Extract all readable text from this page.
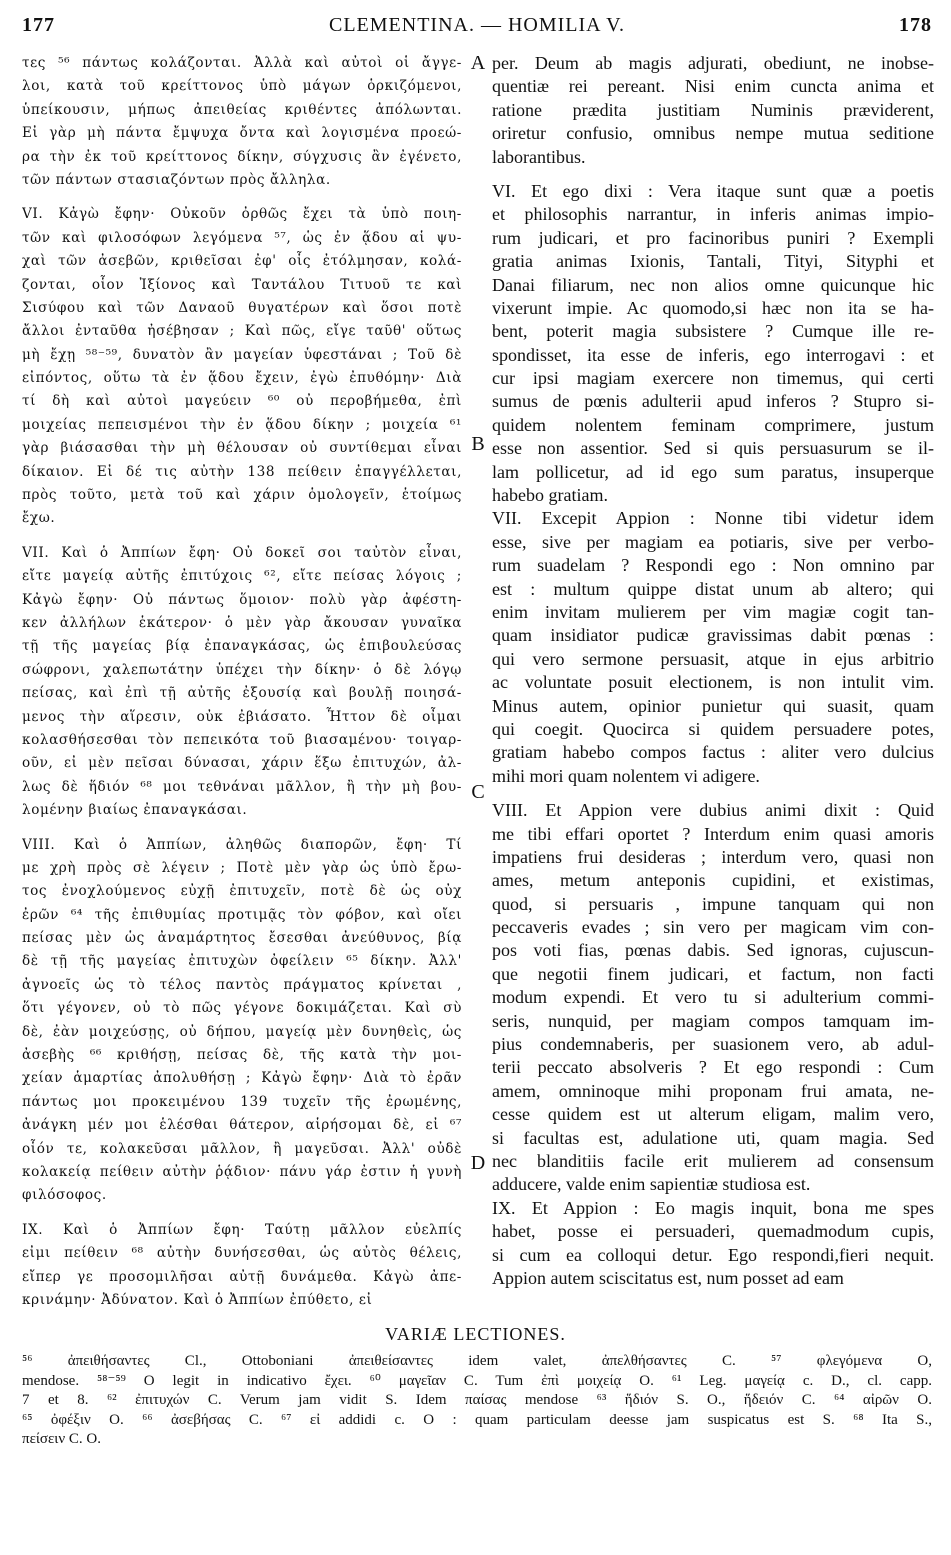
177	CLEMENTINA. — HOMILIA V.	178
τες ⁵⁶ πάντως κολάζονται. Ἀλλὰ καὶ αὐτοὶ οἱ ἄγγε-
λοι, κατὰ τοῦ κρείττονος ὑπὸ μάγων ὁρκιζόμενοι,
ὑπείκουσιν, μήπως ἀπειθείας κριθέντες ἀπόλωνται.
Εἰ γὰρ μὴ πάντα ἔμψυχα ὄντα καὶ λογισμένα προεώ-
ρα τὴν ἐκ τοῦ κρείττονος δίκην, σύγχυσις ἂν ἐγένετο,
τῶν πάντων στασιαζόντων πρὸς ἄλληλα.
VI. Κἀγὼ ἔφην· Οὐκοῦν ὀρθῶς ἔχει τὰ ὑπὸ ποιη-
τῶν καὶ φιλοσόφων λεγόμενα ⁵⁷, ὡς ἐν ᾅδου αἱ ψυ-
χαὶ τῶν ἀσεβῶν, κριθεῖσαι ἐφ' οἷς ἐτόλμησαν, κολά-
ζονται, οἷον Ἰξίονος καὶ Ταντάλου Τιτυοῦ τε καὶ
Σισύφου καὶ τῶν Δαναοῦ θυγατέρων καὶ ὅσοι ποτὲ
ἄλλοι ἐνταῦθα ἠσέβησαν ; Καὶ πῶς, εἴγε ταῦθ' οὕτως
μὴ ἔχῃ ⁵⁸⁻⁵⁹, δυνατὸν ἂν μαγείαν ὑφεστάναι ; Τοῦ δὲ
εἰπόντος, οὕτω τὰ ἐν ᾅδου ἔχειν, ἐγὼ ἐπυθόμην· Διὰ
τί δὴ καὶ αὐτοὶ μαγεύειν ⁶⁰ οὐ περοβήμεθα, ἐπὶ
μοιχείας πεπεισμένοι τὴν ἐν ᾅδου δίκην ; μοιχεία ⁶¹
γὰρ βιάσασθαι τὴν μὴ θέλουσαν οὐ συντίθεμαι εἶναι
δίκαιον. Εἰ δέ τις αὐτὴν 138 πείθειν ἐπαγγέλλεται,
πρὸς τοῦτο, μετὰ τοῦ καὶ χάριν ὁμολογεῖν, ἑτοίμως
ἔχω.
VII. Καὶ ὁ Ἀππίων ἔφη· Οὐ δοκεῖ σοι ταὐτὸν εἶναι,
εἴτε μαγείᾳ αὐτῆς ἐπιτύχοις ⁶², εἴτε πείσας λόγοις ;
Κἀγὼ ἔφην· Οὐ πάντως ὅμοιον· πολὺ γὰρ ἀφέστη-
κεν ἀλλήλων ἑκάτερον· ὁ μὲν γὰρ ἄκουσαν γυναῖκα
τῇ τῆς μαγείας βίᾳ ἐπαναγκάσας, ὡς ἐπιβουλεύσας
σώφρονι, χαλεπωτάτην ὑπέχει τὴν δίκην· ὁ δὲ λόγῳ
πείσας, καὶ ἐπὶ τῇ αὐτῆς ἐξουσίᾳ καὶ βουλῇ ποιησά-
μενος τὴν αἵρεσιν, οὐκ ἐβιάσατο. Ἧττον δὲ οἶμαι
κολασθήσεσθαι τὸν πεπεικότα τοῦ βιασαμένου· τοιγαρ-
οῦν, εἰ μὲν πεῖσαι δύνασαι, χάριν ἕξω ἐπιτυχών, ἀλ-
λως δὲ ἥδιόν ⁶⁸ μοι τεθνάναι μᾶλλον, ἢ τὴν μὴ βου-
λομένην βιαίως ἐπαναγκάσαι.
VIII. Καὶ ὁ Ἀππίων, ἀληθῶς διαπορῶν, ἔφη· Τί
με χρὴ πρὸς σὲ λέγειν ; Ποτὲ μὲν γὰρ ὡς ὑπὸ ἔρω-
τος ἐνοχλούμενος εὐχῇ ἐπιτυχεῖν, ποτὲ δὲ ὡς οὐχ
ἐρῶν ⁶⁴ τῆς ἐπιθυμίας προτιμᾷς τὸν φόβον, καὶ οἴει
πείσας μὲν ὡς ἀναμάρτητος ἔσεσθαι ἀνεύθυνος, βίᾳ
δὲ τῇ τῆς μαγείας ἐπιτυχὼν ὀφείλειν ⁶⁵ δίκην. Ἀλλ'
ἀγνοεῖς ὡς τὸ τέλος παντὸς πράγματος κρίνεται ,
ὅτι γέγονεν, οὐ τὸ πῶς γέγονε δοκιμάζεται. Καὶ σὺ
δὲ, ἐὰν μοιχεύσῃς, οὐ δήπου, μαγείᾳ μὲν δυνηθεὶς, ὡς
ἀσεβὴς ⁶⁶ κριθήσῃ, πείσας δὲ, τῆς κατὰ τὴν μοι-
χείαν ἁμαρτίας ἀπολυθήσῃ ; Κἀγὼ ἔφην· Διὰ τὸ ἐρᾶν
πάντως μοι προκειμένου 139 τυχεῖν τῆς ἐρωμένης,
ἀνάγκη μέν μοι ἑλέσθαι θάτερον, αἱρήσομαι δὲ, εἰ ⁶⁷
οἷόν τε, κολακεῦσαι μᾶλλον, ἢ μαγεῦσαι. Ἀλλ' οὐδὲ
κολακείᾳ πείθειν αὐτὴν ῥᾴδιον· πάνυ γάρ ἐστιν ἡ γυνὴ
φιλόσοφος.
IX. Καὶ ὁ Ἀππίων ἔφη· Ταύτῃ μᾶλλον εὐελπίς
εἰμι πείθειν ⁶⁸ αὐτὴν δυνήσεσθαι, ὡς αὐτὸς θέλεις,
εἴπερ γε προσομιλῆσαι αὐτῇ δυνάμεθα. Κἀγὼ ἀπε-
κρινάμην· Ἀδύνατον. Καὶ ὁ Ἀππίων ἐπύθετο, εἰ
per. Deum ab magis adjurati, obediunt, ne inobse-
quentiæ rei pereant. Nisi enim cuncta anima et
ratione prædita justitiam Numinis prævidеrent,
oriretur confusio, omnibus nempe mutua seditione
laborantibus.
VI. Et ego dixi : Vera itaque sunt quæ a poetis
et philosophis narrantur, in inferis animas impio-
rum judicari, et pro facinoribus puniri ? Exempli
gratia animas Ixionis, Tantali, Tityi, Sityphi et
Danai filiarum, nec non alios omne quicunque hic
vixerunt impie. Ac quomodo,si hæc non ita se ha-
bent, poterit magia subsistere ? Cumque ille re-
spondisset, ita esse de inferis, ego interrogavi : et
cur ipsi magiam exercere non timemus, qui certi
sumus de pœnis adulterii apud inferos ? Stupro si-
quidem nolentem feminam comprimere, justum
esse non assentior. Sed si quis persuasurum se il-
lam pollicetur, ad id ego sum paratus, insuperque
habebo gratiam.
VII. Excepit Appion : Nonne tibi videtur idem
esse, sive per magiam ea potiaris, sive per verbo-
rum suadelam ? Respondi ego : Non omnino par
est : multum quippe distat unum ab altero; qui
enim invitam mulierem per vim magiæ cogit tan-
quam insidiator pudicæ gravissimas dabit pœnas :
qui vero sermone persuasit, atque in ejus arbitrio
ac voluntate posuit electionem, is non intulit vim.
Minus autem, opinior punietur qui suasit, quam
qui coegit. Quocirca si quidem persuadere potes,
gratiam habebo compos factus : aliter vero dulcius
mihi mori quam nolentem vi adigere.
VIII. Et Appion vere dubius animi dixit : Quid
me tibi effari oportet ? Interdum enim quasi amoris
impatiens frui desideras ; interdum vero, quasi non
ames, metum anteponis cupidini, et existimas,
quod, si persuaris , impune tanquam qui non
peccaveris evades ; sin vero per magicam vim con-
pos voti fias, pœnas dabis. Sed ignoras, cujuscun-
que negotii finem judicari, et factum, non facti
modum expendi. Et vero tu si adulterium commi-
seris, nunquid, per magiam compos tamquam im-
pius condemnaberis, per suasionem vero, ab adul-
terii peccato absolveris ? Et ego respondi : Cum
amem, omninoque mihi proponam frui amata, ne-
cesse quidem est ut alterum eligam, malim vero,
si facultas est, adulatione uti, quam magia. Sed
nec blanditiis facile erit mulierem ad consensum
adducere, valde enim sapientiæ studiosa est.
IX. Et Appion : Eo magis inquit, bona me spes
habet, posse ei persuaderi, quemadmodum cupis,
si cum ea colloqui detur. Ego respondi,fieri nequit.
Appion autem sciscitatus est, num posset ad eam
A
B
C
D
VARIÆ LECTIONES.
⁵⁶ ἀπειθήσαντες Cl., Ottoboniani ἀπειθείσαντες idem valet, ἀπελθήσαντες C. ⁵⁷ φλεγόμενα O,
mendose. ⁵⁸⁻⁵⁹ O legit in indicativo ἔχει. ⁶⁰ μαγεῖαν C. Tum ἐπὶ μοιχείᾳ O. ⁶¹ Leg. μαγείᾳ c. D., cl. capp.
7 et 8. ⁶² ἐπιτυχών C. Verum jam vidit S. Idem παίσας mendose ⁶³ ἥδιόν S. O., ἥδειόν C. ⁶⁴ αἰρῶν O.
⁶⁵ ὀφέξιν O. ⁶⁶ ἀσεβήσας C. ⁶⁷ εἰ addidi c. O : quam particulam deesse jam suspicatus est S. ⁶⁸ Ita S.,
πείσειν C. O.
